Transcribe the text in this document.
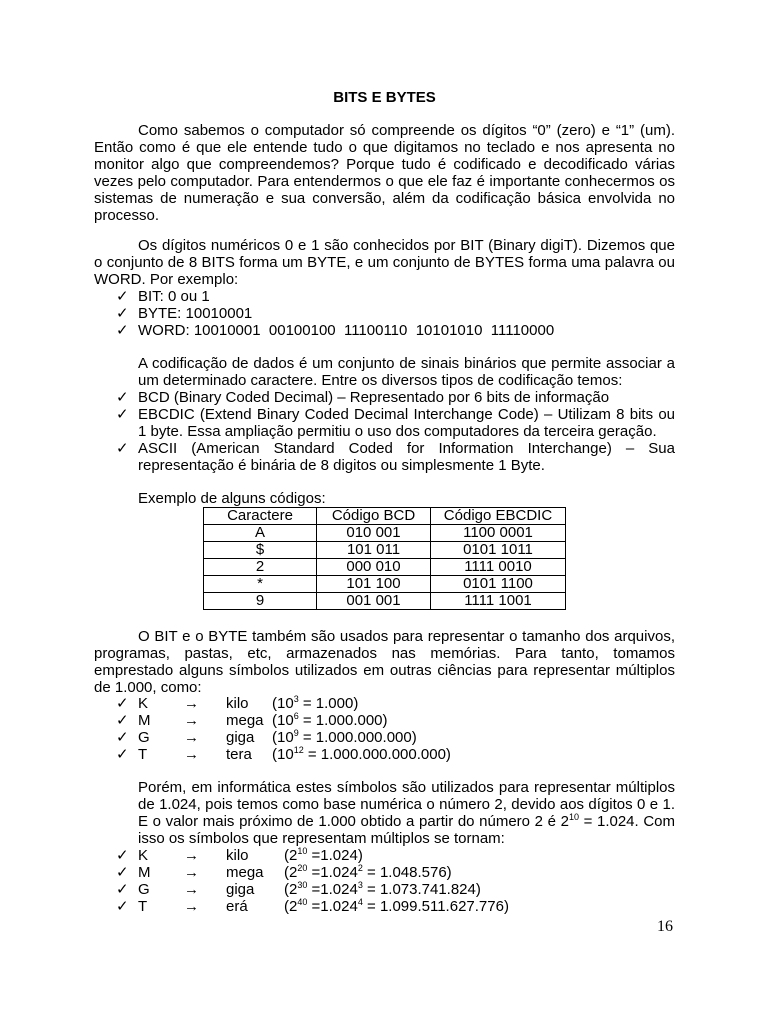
BITS E BYTES
Como sabemos o computador só compreende os dígitos “0” (zero) e “1” (um). Então como é que ele entende tudo o que digitamos no teclado e nos apresenta no monitor algo que compreendemos? Porque tudo é codificado e decodificado várias vezes pelo computador. Para entendermos o que ele faz é importante conhecermos os sistemas de numeração e sua conversão, além da codificação básica envolvida no processo.
Os dígitos numéricos 0 e 1 são conhecidos por BIT (Binary digiT). Dizemos que o conjunto de 8 BITS forma um BYTE, e um conjunto de BYTES forma uma palavra ou WORD. Por exemplo:
✓ BIT: 0 ou 1
✓ BYTE: 10010001
✓ WORD: 10010001  00100100  11100110  10101010  11110000
A codificação de dados é um conjunto de sinais binários que permite associar a um determinado caractere. Entre os diversos tipos de codificação temos:
✓ BCD (Binary Coded Decimal) – Representado por 6 bits de informação
✓ EBCDIC (Extend Binary Coded Decimal Interchange Code) – Utilizam 8 bits ou 1 byte. Essa ampliação permitiu o uso dos computadores da terceira geração.
✓ ASCII (American Standard Coded for Information Interchange) – Sua representação é binária de 8 digitos ou simplesmente 1 Byte.
Exemplo de alguns códigos:
Caractere	Código BCD	Código EBCDIC
A	010 001	1100 0001
$	101 011	0101 1011
2	000 010	1111 0010
*	101 100	0101 1100
9	001 001	1111 1001
O BIT e o BYTE também são usados para representar o tamanho dos arquivos, programas, pastas, etc, armazenados nas memórias. Para tanto, tomamos emprestado alguns símbolos utilizados em outras ciências para representar múltiplos de 1.000, como:
✓ K → kilo $(10^3 = 1.000)$
✓ M → mega $(10^6 = 1.000.000)$
✓ G → giga $(10^9 = 1.000.000.000)$
✓ T → tera $(10^{12} = 1.000.000.000.000)$
Porém, em informática estes símbolos são utilizados para representar múltiplos de 1.024, pois temos como base numérica o número 2, devido aos dígitos 0 e 1. E o valor mais próximo de 1.000 obtido a partir do número 2 é $2^{10} = 1.024$. Com isso os símbolos que representam múltiplos se tornam:
✓ K → kilo $(2^{10} =1.024)$
✓ M → mega $(2^{20} =1.024^2 = 1.048.576)$
✓ G → giga $(2^{30} =1.024^3 = 1.073.741.824)$
✓ T → erá $(2^{40} =1.024^4 = 1.099.511.627.776)$
16
